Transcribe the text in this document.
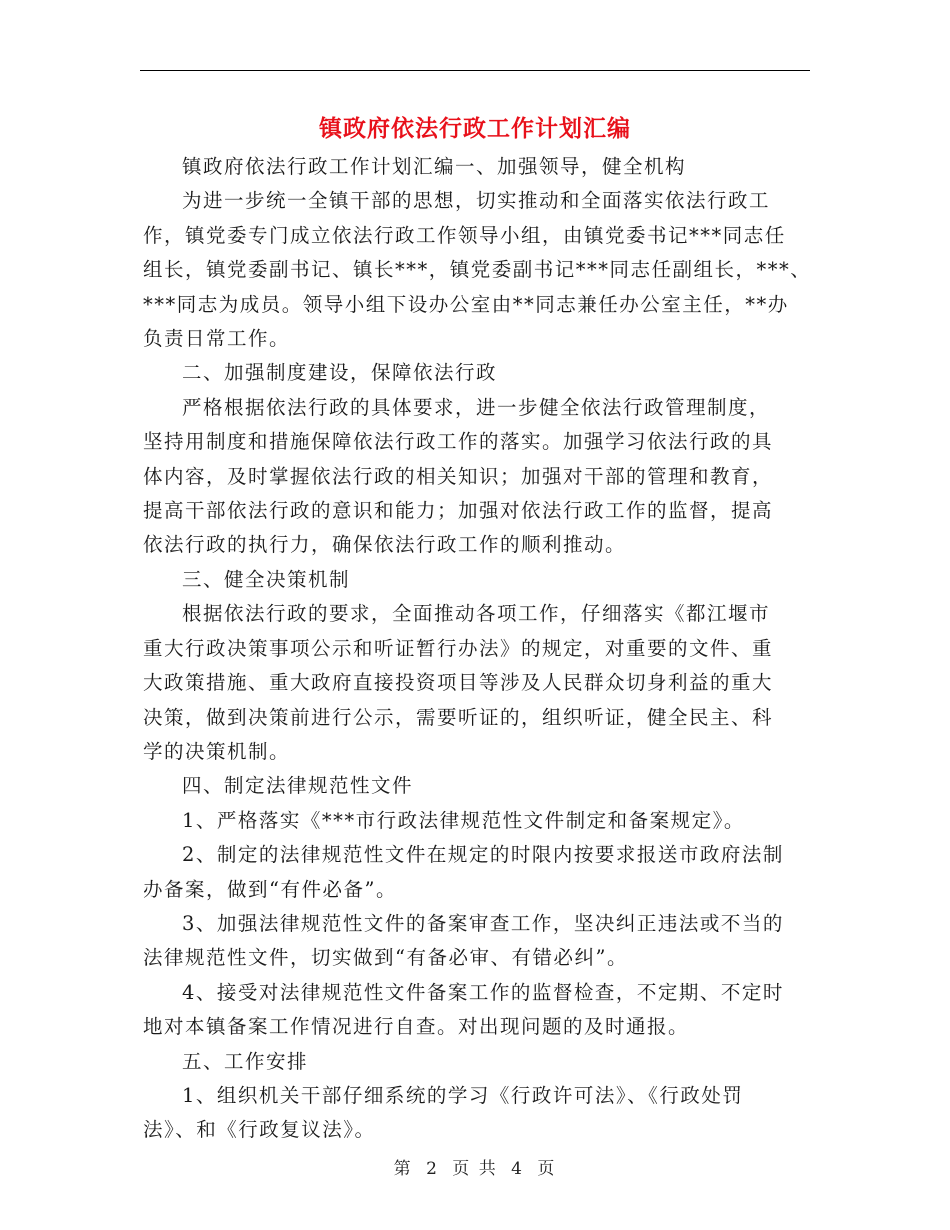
镇政府依法行政工作计划汇编

镇政府依法行政工作计划汇编一、加强领导，健全机构

为进一步统一全镇干部的思想，切实推动和全面落实依法行政工
作，镇党委专门成立依法行政工作领导小组，由镇党委书记***同志任
组长，镇党委副书记、镇长***，镇党委副书记***同志任副组长，***、
***同志为成员。领导小组下设办公室由**同志兼任办公室主任，**办
负责日常工作。

二、加强制度建设，保障依法行政

严格根据依法行政的具体要求，进一步健全依法行政管理制度，
坚持用制度和措施保障依法行政工作的落实。加强学习依法行政的具
体内容，及时掌握依法行政的相关知识；加强对干部的管理和教育，
提高干部依法行政的意识和能力；加强对依法行政工作的监督，提高
依法行政的执行力，确保依法行政工作的顺利推动。

三、健全决策机制

根据依法行政的要求，全面推动各项工作，仔细落实《都江堰市
重大行政决策事项公示和听证暂行办法》的规定，对重要的文件、重
大政策措施、重大政府直接投资项目等涉及人民群众切身利益的重大
决策，做到决策前进行公示，需要听证的，组织听证，健全民主、科
学的决策机制。

四、制定法律规范性文件

1、严格落实《***市行政法律规范性文件制定和备案规定》。

2、制定的法律规范性文件在规定的时限内按要求报送市政府法制
办备案，做到“有件必备”。

3、加强法律规范性文件的备案审查工作，坚决纠正违法或不当的
法律规范性文件，切实做到“有备必审、有错必纠”。

4、接受对法律规范性文件备案工作的监督检查，不定期、不定时
地对本镇备案工作情况进行自查。对出现问题的及时通报。

五、工作安排

1、组织机关干部仔细系统的学习《行政许可法》、《行政处罚
法》、和《行政复议法》。

第 2 页 共 4 页
